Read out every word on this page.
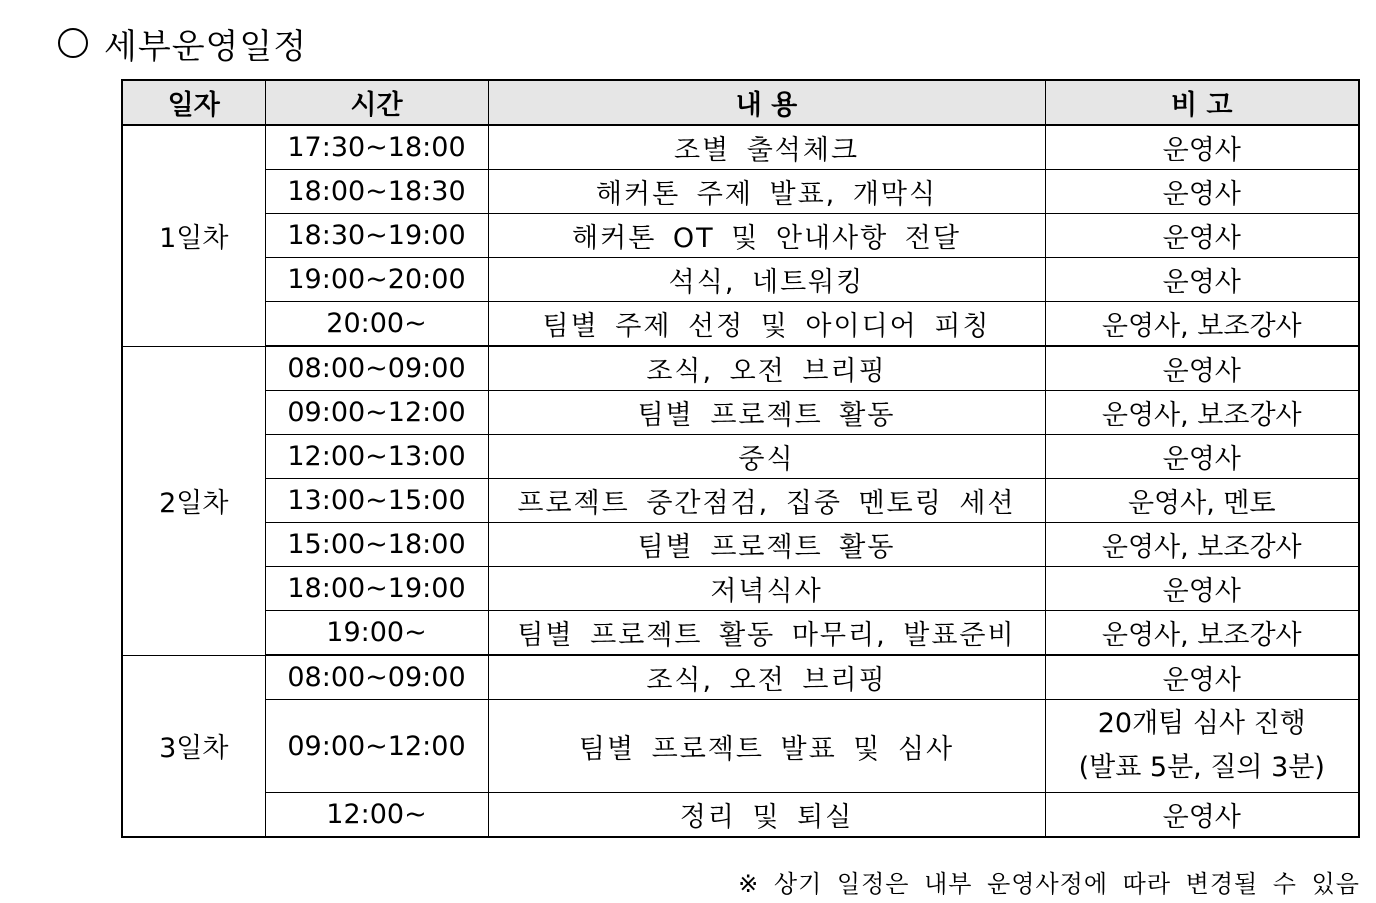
세부운영일정
일자	시간	내 용	비 고
1일차	17:30~18:00	조별 출석체크	운영사
	18:00~18:30	해커톤 주제 발표, 개막식	운영사
	18:30~19:00	해커톤 OT 및 안내사항 전달	운영사
	19:00~20:00	석식, 네트워킹	운영사
	20:00~	팀별 주제 선정 및 아이디어 피칭	운영사, 보조강사
2일차	08:00~09:00	조식, 오전 브리핑	운영사
	09:00~12:00	팀별 프로젝트 활동	운영사, 보조강사
	12:00~13:00	중식	운영사
	13:00~15:00	프로젝트 중간점검, 집중 멘토링 세션	운영사, 멘토
	15:00~18:00	팀별 프로젝트 활동	운영사, 보조강사
	18:00~19:00	저녁식사	운영사
	19:00~	팀별 프로젝트 활동 마무리, 발표준비	운영사, 보조강사
3일차	08:00~09:00	조식, 오전 브리핑	운영사
	09:00~12:00	팀별 프로젝트 발표 및 심사	20개팀 심사 진행
(발표 5분, 질의 3분)

	12:00~	정리 및 퇴실	운영사
※ 상기 일정은 내부 운영사정에 따라 변경될 수 있음
